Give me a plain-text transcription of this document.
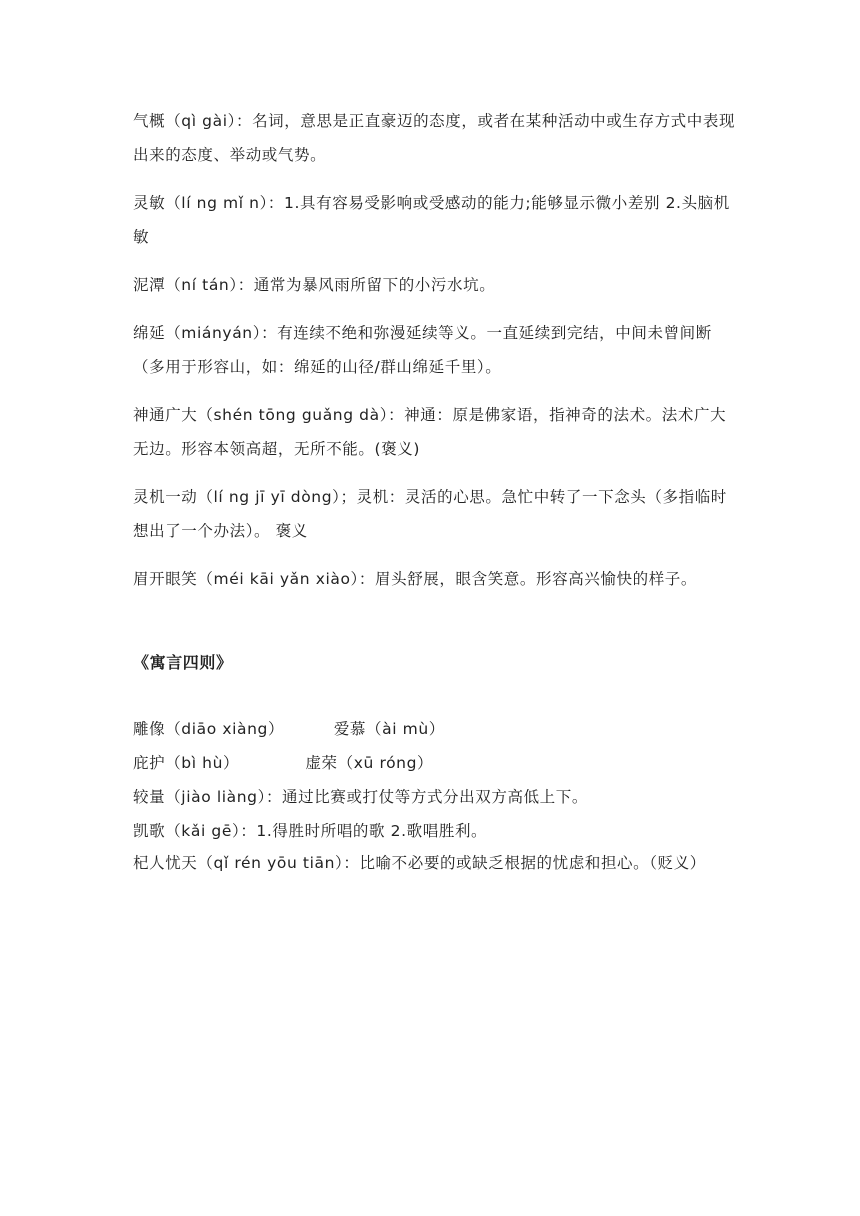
气概（qì gài）：名词，意思是正直豪迈的态度，或者在某种活动中或生存方式中表现出来的态度、举动或气势。
灵敏（lí ng mǐ n）：1.具有容易受影响或受感动的能力;能够显示微小差别 2.头脑机敏
泥潭（ní tán）：通常为暴风雨所留下的小污水坑。
绵延（miányán）：有连续不绝和弥漫延续等义。一直延续到完结，中间未曾间断（多用于形容山，如：绵延的山径/群山绵延千里）。
神通广大（shén tōng guǎng dà）：神通：原是佛家语，指神奇的法术。法术广大无边。形容本领高超，无所不能。(褒义)
灵机一动（lí ng jī yī dòng）；灵机：灵活的心思。急忙中转了一下念头（多指临时想出了一个办法）。 褒义
眉开眼笑（méi kāi yǎn xiào）：眉头舒展，眼含笑意。形容高兴愉快的样子。
《寓言四则》
雕像（diāo xiàng）         爱慕（ài mù）
庇护（bì hù）            虚荣（xū róng）
较量（jiào liàng）：通过比赛或打仗等方式分出双方高低上下。
凯歌（kǎi gē）：1.得胜时所唱的歌 2.歌唱胜利。
杞人忧天（qǐ rén yōu tiān）：比喻不必要的或缺乏根据的忧虑和担心。（贬义）
